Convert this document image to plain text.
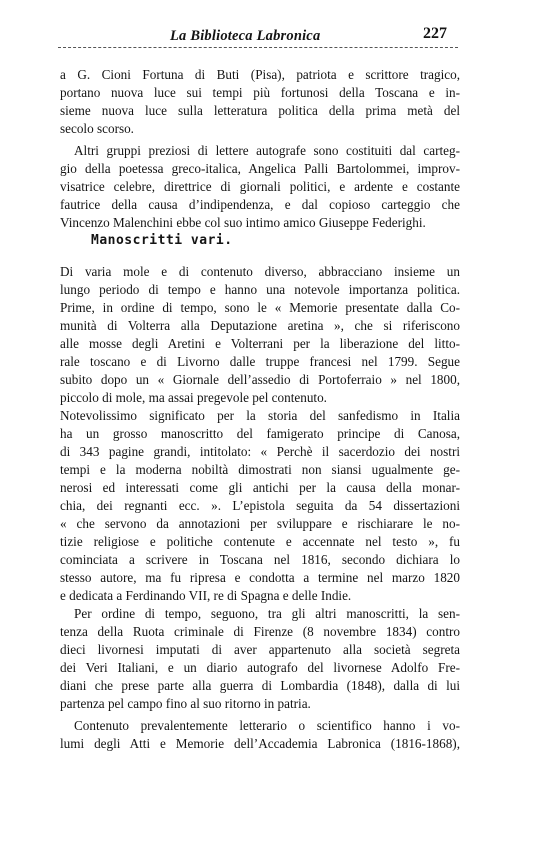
La Biblioteca Labronica	227
Manoscritti vari.
a G. Cioni Fortuna di Buti (Pisa), patriota e scrittore tragico,
portano nuova luce sui tempi più fortunosi della Toscana e in-
sieme nuova luce sulla letteratura politica della prima metà del
secolo scorso.
Altri gruppi preziosi di lettere autografe sono costituiti dal carteg-
gio della poetessa greco-italica, Angelica Palli Bartolommei, improv-
visatrice celebre, direttrice di giornali politici, e ardente e costante
fautrice della causa d’indipendenza, e dal copioso carteggio che
Vincenzo Malenchini ebbe col suo intimo amico Giuseppe Federighi.
Di varia mole e di contenuto diverso, abbracciano insieme un
lungo periodo di tempo e hanno una notevole importanza politica.
Prime, in ordine di tempo, sono le « Memorie presentate dalla Co-
munità di Volterra alla Deputazione aretina », che si riferiscono
alle mosse degli Aretini e Volterrani per la liberazione del litto-
rale toscano e di Livorno dalle truppe francesi nel 1799. Segue
subito dopo un « Giornale dell’assedio di Portoferraio » nel 1800,
piccolo di mole, ma assai pregevole pel contenuto.
Notevolissimo significato per la storia del sanfedismo in Italia
ha un grosso manoscritto del famigerato principe di Canosa,
di 343 pagine grandi, intitolato: « Perchè il sacerdozio dei nostri
tempi e la moderna nobiltà dimostrati non siansi ugualmente ge-
nerosi ed interessati come gli antichi per la causa della monar-
chia, dei regnanti ecc. ». L’epistola seguita da 54 dissertazioni
« che servono da annotazioni per sviluppare e rischiarare le no-
tizie religiose e politiche contenute e accennate nel testo », fu
cominciata a scrivere in Toscana nel 1816, secondo dichiara lo
stesso autore, ma fu ripresa e condotta a termine nel marzo 1820
e dedicata a Ferdinando VII, re di Spagna e delle Indie.
Per ordine di tempo, seguono, tra gli altri manoscritti, la sen-
tenza della Ruota criminale di Firenze (8 novembre 1834) contro
dieci livornesi imputati di aver appartenuto alla società segreta
dei Veri Italiani, e un diario autografo del livornese Adolfo Fre-
diani che prese parte alla guerra di Lombardia (1848), dalla di lui
partenza pel campo fino al suo ritorno in patria.
Contenuto prevalentemente letterario o scientifico hanno i vo-
lumi degli Atti e Memorie dell’Accademia Labronica (1816-1868),
